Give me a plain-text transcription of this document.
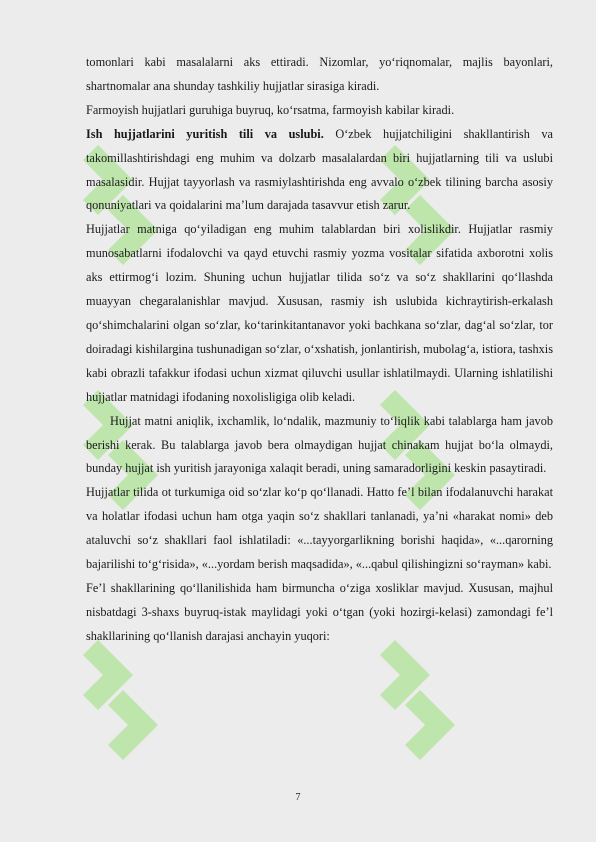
tomonlari kabi masalalarni aks ettiradi. Nizomlar, yo‘riqnomalar, majlis bayonlari, shartnomalar ana shunday tashkiliy hujjatlar sirasiga kiradi.

Farmoyish hujjatlari guruhiga buyruq, ko‘rsatma, farmoyish kabilar kiradi.

Ish hujjatlarini yuritish tili va uslubi. O‘zbek hujjatchiligini shakllantirish va takomillashtirishdagi eng muhim va dolzarb masalalardan biri hujjatlarning tili va uslubi masalasidir. Hujjat tayyorlash va rasmiylashtirishda eng avvalo o‘zbek tilining barcha asosiy qonuniyatlari va qoidalarini ma’lum darajada tasavvur etish zarur.

Hujjatlar matniga qo‘yiladigan eng muhim talablardan biri xolislikdir. Hujjatlar rasmiy munosabatlarni ifodalovchi va qayd etuvchi rasmiy yozma vositalar sifatida axborotni xolis aks ettirmog‘i lozim. Shuning uchun hujjatlar tilida so‘z va so‘z shakllarini qo‘llashda muayyan chegaralanishlar mavjud. Xususan, rasmiy ish uslubida kichraytirish-erkalash qo‘shimchalarini olgan so‘zlar, ko‘tarinkitantanavor yoki bachkana so‘zlar, dag‘al so‘zlar, tor doiradagi kishilargina tushunadigan so‘zlar, o‘xshatish, jonlantirish, mubolag‘a, istiora, tashxis kabi obrazli tafakkur ifodasi uchun xizmat qiluvchi usullar ishlatilmaydi. Ularning ishlatilishi hujjatlar matnidagi ifodaning noxolisligiga olib keladi.

Hujjat matni aniqlik, ixchamlik, lo‘ndalik, mazmuniy to‘liqlik kabi talablarga ham javob berishi kerak. Bu talablarga javob bera olmaydigan hujjat chinakam hujjat bo‘la olmaydi, bunday hujjat ish yuritish jarayoniga xalaqit beradi, uning samaradorligini keskin pasaytiradi.

Hujjatlar tilida ot turkumiga oid so‘zlar ko‘p qo‘llanadi. Hatto fe’l bilan ifodalanuvchi harakat va holatlar ifodasi uchun ham otga yaqin so‘z shakllari tanlanadi, ya’ni «harakat nomi» deb ataluvchi so‘z shakllari faol ishlatiladi: «...tayyorgarlikning borishi haqida», «...qarorning bajarilishi to‘g‘risida», «...yordam berish maqsadida», «...qabul qilishingizni so‘rayman» kabi.

Fe’l shakllarining qo‘llanilishida ham birmuncha o‘ziga xosliklar mavjud. Xususan, majhul nisbatdagi 3-shaxs buyruq-istak maylidagi yoki o‘tgan (yoki hozirgi-kelasi) zamondagi fe’l shakllarining qo‘llanish darajasi anchayin yuqori:

7
